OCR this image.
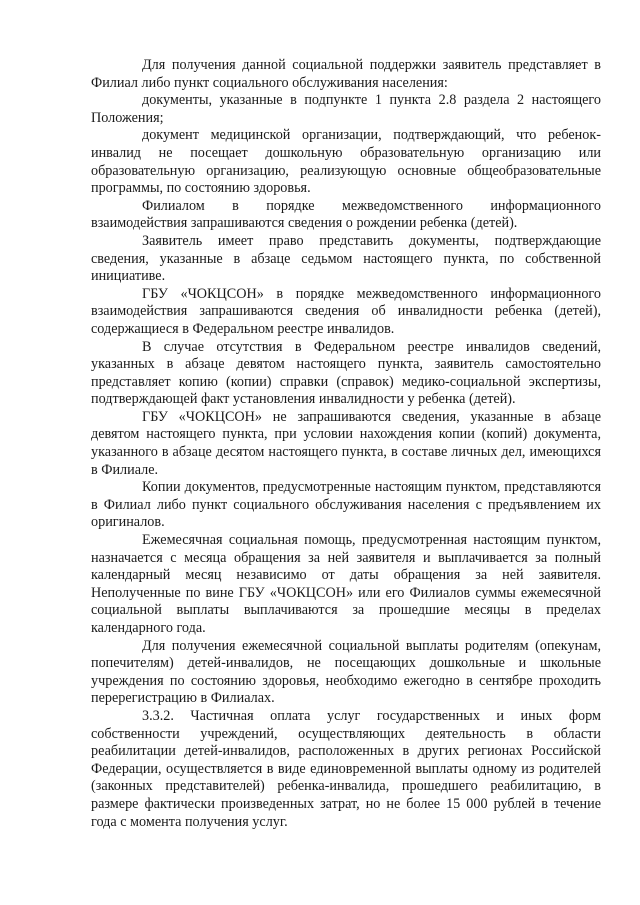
Для получения данной социальной поддержки заявитель представляет в Филиал либо пункт социального обслуживания населения:

документы, указанные в подпункте 1 пункта 2.8 раздела 2 настоящего Положения;

документ медицинской организации, подтверждающий, что ребенок-инвалид не посещает дошкольную образовательную организацию или образовательную организацию, реализующую основные общеобразовательные программы, по состоянию здоровья.

Филиалом в порядке межведомственного информационного взаимодействия запрашиваются сведения о рождении ребенка (детей).

Заявитель имеет право представить документы, подтверждающие сведения, указанные в абзаце седьмом настоящего пункта, по собственной инициативе.

ГБУ «ЧОКЦСОН» в порядке межведомственного информационного взаимодействия запрашиваются сведения об инвалидности ребенка (детей), содержащиеся в Федеральном реестре инвалидов.

В случае отсутствия в Федеральном реестре инвалидов сведений, указанных в абзаце девятом настоящего пункта, заявитель самостоятельно представляет копию (копии) справки (справок) медико-социальной экспертизы, подтверждающей факт установления инвалидности у ребенка (детей).

ГБУ «ЧОКЦСОН» не запрашиваются сведения, указанные в абзаце девятом настоящего пункта, при условии нахождения копии (копий) документа, указанного в абзаце десятом настоящего пункта, в составе личных дел, имеющихся в Филиале.

Копии документов, предусмотренные настоящим пунктом, представляются в Филиал либо пункт социального обслуживания населения с предъявлением их оригиналов.

Ежемесячная социальная помощь, предусмотренная настоящим пунктом, назначается с месяца обращения за ней заявителя и выплачивается за полный календарный месяц независимо от даты обращения за ней заявителя. Неполученные по вине ГБУ «ЧОКЦСОН» или его Филиалов суммы ежемесячной социальной выплаты выплачиваются за прошедшие месяцы в пределах календарного года.

Для получения ежемесячной социальной выплаты родителям (опекунам, попечителям) детей-инвалидов, не посещающих дошкольные и школьные учреждения по состоянию здоровья, необходимо ежегодно в сентябре проходить перерегистрацию в Филиалах.

3.3.2. Частичная оплата услуг государственных и иных форм собственности учреждений, осуществляющих деятельность в области реабилитации детей-инвалидов, расположенных в других регионах Российской Федерации, осуществляется в виде единовременной выплаты одному из родителей (законных представителей) ребенка-инвалида, прошедшего реабилитацию, в размере фактически произведенных затрат, но не более 15 000 рублей в течение года с момента получения услуг.
